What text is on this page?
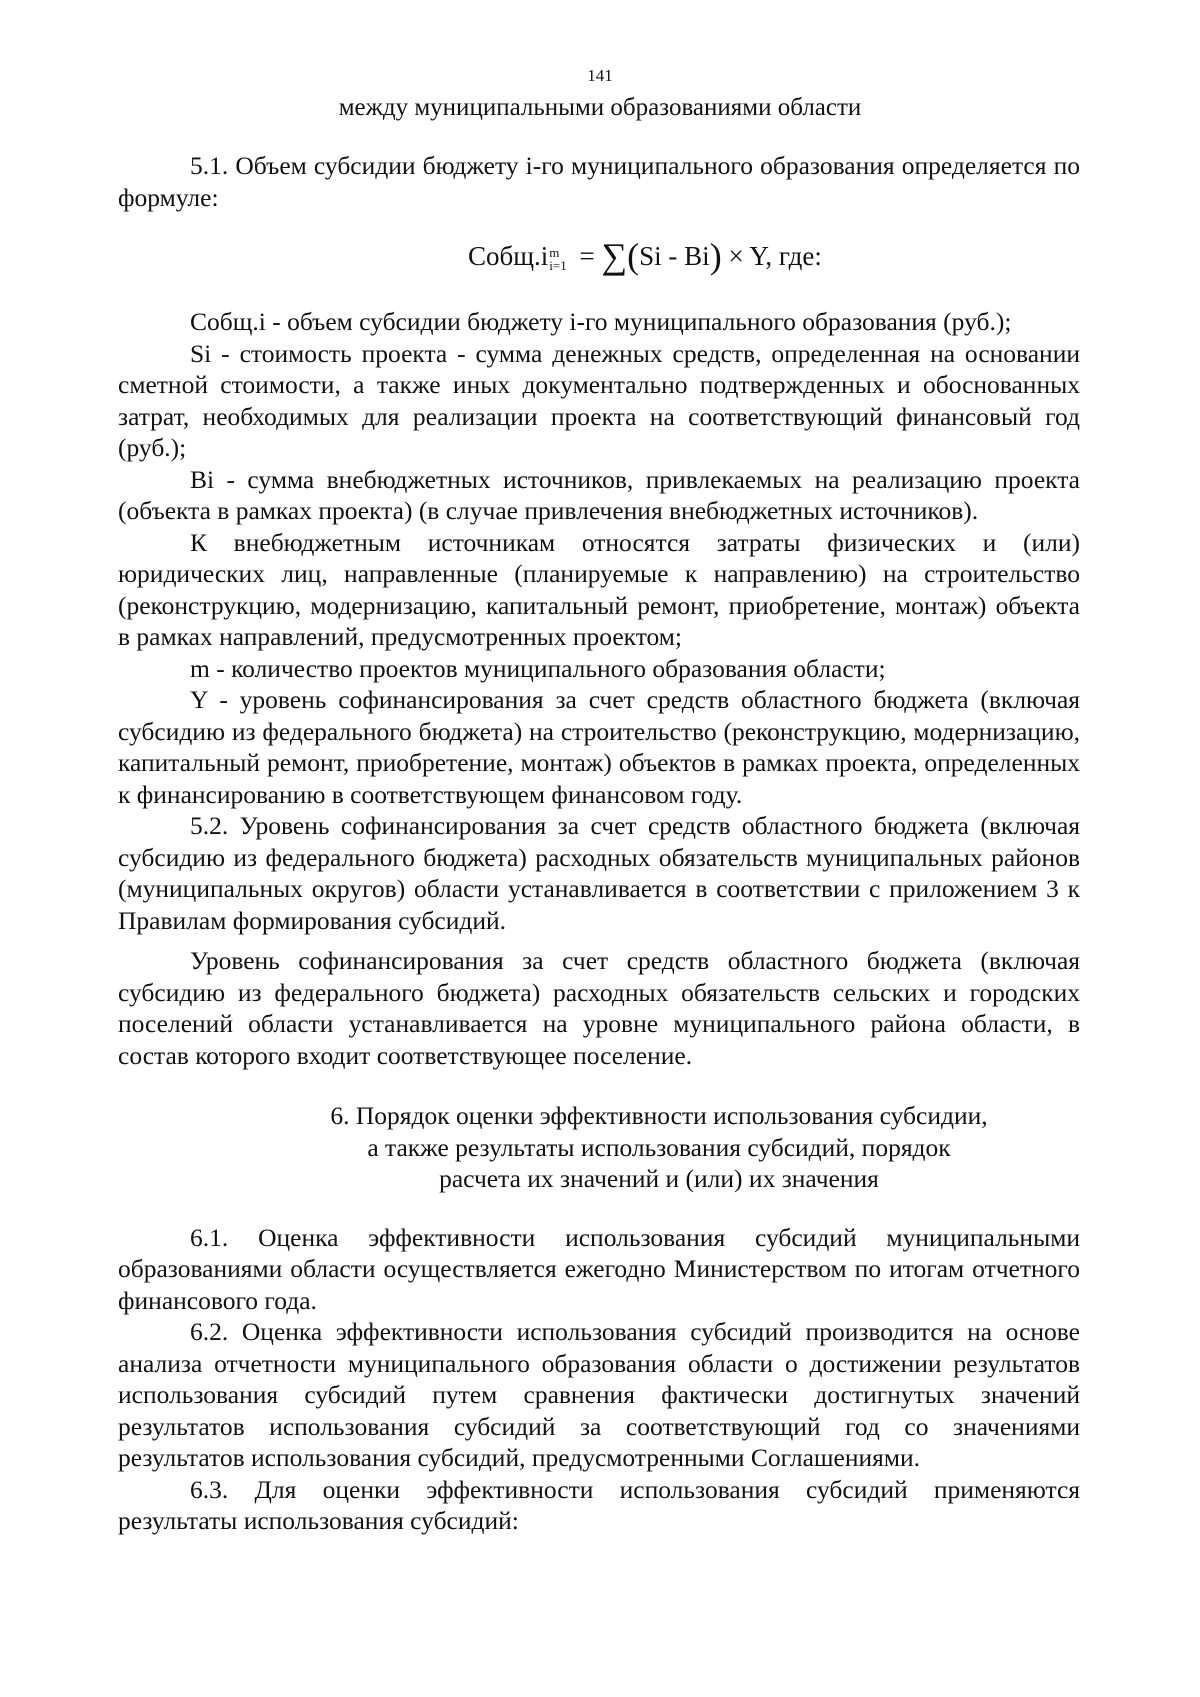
141
между муниципальными образованиями области

5.1. Объем субсидии бюджету i-го муниципального образования определяется по формуле:

Собщ.i m
i=1 = ∑(Si - Bi) × Y, где:

Собщ.i - объем субсидии бюджету i-го муниципального образования (руб.);

Si - стоимость проекта - сумма денежных средств, определенная на основании сметной стоимости, а также иных документально подтвержденных и обоснованных затрат, необходимых для реализации проекта на соответствующий финансовый год (руб.);

Bi - сумма внебюджетных источников, привлекаемых на реализацию проекта (объекта в рамках проекта) (в случае привлечения внебюджетных источников).

К внебюджетным источникам относятся затраты физических и (или) юридических лиц, направленные (планируемые к направлению) на строительство (реконструкцию, модернизацию, капитальный ремонт, приобретение, монтаж) объекта в рамках направлений, предусмотренных проектом;

m - количество проектов муниципального образования области;

Y - уровень софинансирования за счет средств областного бюджета (включая субсидию из федерального бюджета) на строительство (реконструкцию, модернизацию, капитальный ремонт, приобретение, монтаж) объектов в рамках проекта, определенных к финансированию в соответствующем финансовом году.

5.2. Уровень софинансирования за счет средств областного бюджета (включая субсидию из федерального бюджета) расходных обязательств муниципальных районов (муниципальных округов) области устанавливается в соответствии с приложением 3 к Правилам формирования субсидий.

Уровень софинансирования за счет средств областного бюджета (включая субсидию из федерального бюджета) расходных обязательств сельских и городских поселений области устанавливается на уровне муниципального района области, в состав которого входит соответствующее поселение.

6. Порядок оценки эффективности использования субсидии,
а также результаты использования субсидий, порядок
расчета их значений и (или) их значения

6.1. Оценка эффективности использования субсидий муниципальными образованиями области осуществляется ежегодно Министерством по итогам отчетного финансового года.

6.2. Оценка эффективности использования субсидий производится на основе анализа отчетности муниципального образования области о достижении результатов использования субсидий путем сравнения фактически достигнутых значений результатов использования субсидий за соответствующий год со значениями результатов использования субсидий, предусмотренными Соглашениями.

6.3. Для оценки эффективности использования субсидий применяются результаты использования субсидий:
